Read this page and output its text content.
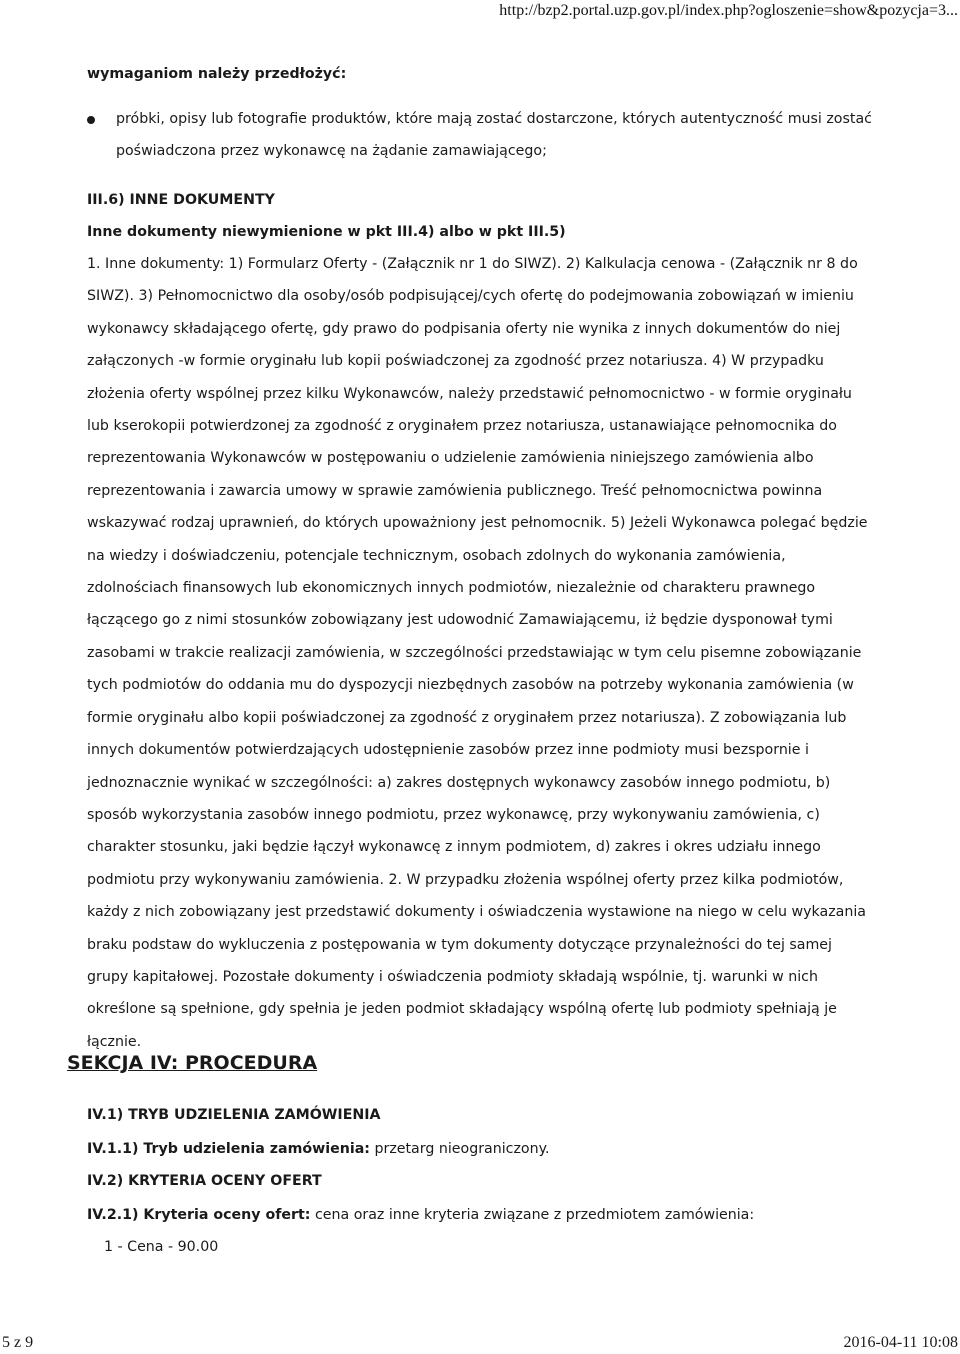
http://bzp2.portal.uzp.gov.pl/index.php?ogloszenie=show&pozycja=3...
wymaganiom należy przedłożyć:
próbki, opisy lub fotografie produktów, które mają zostać dostarczone, których autentyczność musi zostać poświadczona przez wykonawcę na żądanie zamawiającego;
III.6) INNE DOKUMENTY
Inne dokumenty niewymienione w pkt III.4) albo w pkt III.5)
1. Inne dokumenty: 1) Formularz Oferty - (Załącznik nr 1 do SIWZ). 2) Kalkulacja cenowa - (Załącznik nr 8 do SIWZ). 3) Pełnomocnictwo dla osoby/osób podpisującej/cych ofertę do podejmowania zobowiązań w imieniu wykonawcy składającego ofertę, gdy prawo do podpisania oferty nie wynika z innych dokumentów do niej załączonych -w formie oryginału lub kopii poświadczonej za zgodność przez notariusza. 4) W przypadku złożenia oferty wspólnej przez kilku Wykonawców, należy przedstawić pełnomocnictwo - w formie oryginału lub kserokopii potwierdzonej za zgodność z oryginałem przez notariusza, ustanawiające pełnomocnika do reprezentowania Wykonawców w postępowaniu o udzielenie zamówienia niniejszego zamówienia albo reprezentowania i zawarcia umowy w sprawie zamówienia publicznego. Treść pełnomocnictwa powinna wskazywać rodzaj uprawnień, do których upoważniony jest pełnomocnik. 5) Jeżeli Wykonawca polegać będzie na wiedzy i doświadczeniu, potencjale technicznym, osobach zdolnych do wykonania zamówienia, zdolnościach finansowych lub ekonomicznych innych podmiotów, niezależnie od charakteru prawnego łączącego go z nimi stosunków zobowiązany jest udowodnić Zamawiającemu, iż będzie dysponował tymi zasobami w trakcie realizacji zamówienia, w szczególności przedstawiając w tym celu pisemne zobowiązanie tych podmiotów do oddania mu do dyspozycji niezbędnych zasobów na potrzeby wykonania zamówienia (w formie oryginału albo kopii poświadczonej za zgodność z oryginałem przez notariusza). Z zobowiązania lub innych dokumentów potwierdzających udostępnienie zasobów przez inne podmioty musi bezspornie i jednoznacznie wynikać w szczególności: a) zakres dostępnych wykonawcy zasobów innego podmiotu, b) sposób wykorzystania zasobów innego podmiotu, przez wykonawcę, przy wykonywaniu zamówienia, c) charakter stosunku, jaki będzie łączył wykonawcę z innym podmiotem, d) zakres i okres udziału innego podmiotu przy wykonywaniu zamówienia. 2. W przypadku złożenia wspólnej oferty przez kilka podmiotów, każdy z nich zobowiązany jest przedstawić dokumenty i oświadczenia wystawione na niego w celu wykazania braku podstaw do wykluczenia z postępowania w tym dokumenty dotyczące przynależności do tej samej grupy kapitałowej. Pozostałe dokumenty i oświadczenia podmioty składają wspólnie, tj. warunki w nich określone są spełnione, gdy spełnia je jeden podmiot składający wspólną ofertę lub podmioty spełniają je łącznie.
SEKCJA IV: PROCEDURA
IV.1) TRYB UDZIELENIA ZAMÓWIENIA
IV.1.1) Tryb udzielenia zamówienia: przetarg nieograniczony.
IV.2) KRYTERIA OCENY OFERT
IV.2.1) Kryteria oceny ofert: cena oraz inne kryteria związane z przedmiotem zamówienia:
1 - Cena - 90.00
5 z 9	2016-04-11 10:08
